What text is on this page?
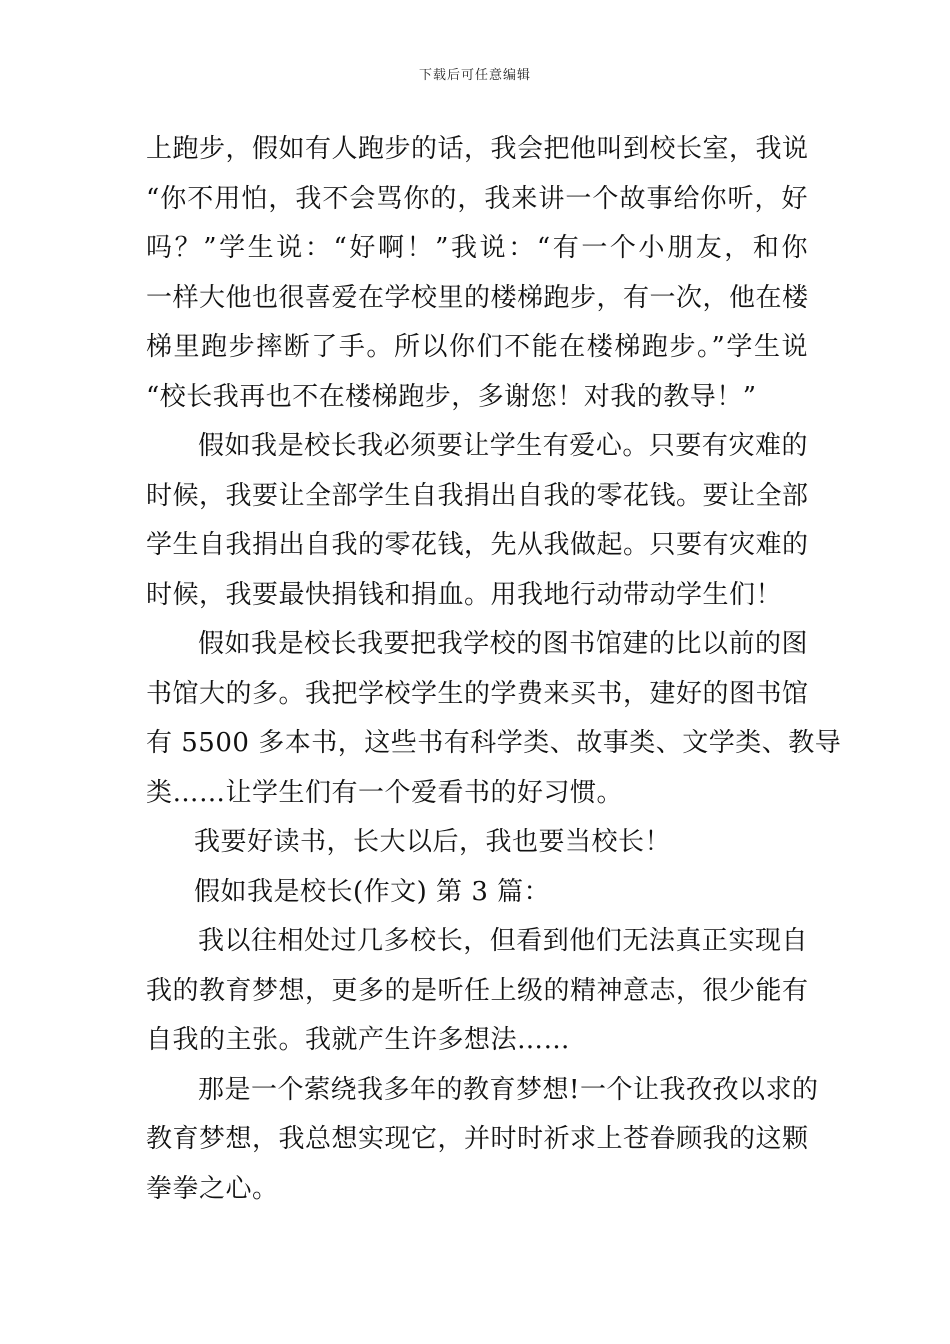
下载后可任意编辑
上跑步，假如有人跑步的话，我会把他叫到校长室，我说
“你不用怕，我不会骂你的，我来讲一个故事给你听，好
吗？”学生说：“好啊！”我说：“有一个小朋友，和你
一样大他也很喜爱在学校里的楼梯跑步，有一次，他在楼
梯里跑步摔断了手。所以你们不能在楼梯跑步。”学生说
“校长我再也不在楼梯跑步，多谢您！对我的教导！”
假如我是校长我必须要让学生有爱心。只要有灾难的
时候，我要让全部学生自我捐出自我的零花钱。要让全部
学生自我捐出自我的零花钱，先从我做起。只要有灾难的
时候，我要最快捐钱和捐血。用我地行动带动学生们！
假如我是校长我要把我学校的图书馆建的比以前的图
书馆大的多。我把学校学生的学费来买书，建好的图书馆
有 5500 多本书，这些书有科学类、故事类、文学类、教导
类……让学生们有一个爱看书的好习惯。
我要好读书，长大以后，我也要当校长！
假如我是校长(作文) 第 3 篇：
我以往相处过几多校长，但看到他们无法真正实现自
我的教育梦想，更多的是听任上级的精神意志，很少能有
自我的主张。我就产生许多想法……
那是一个萦绕我多年的教育梦想!一个让我孜孜以求的
教育梦想，我总想实现它，并时时祈求上苍眷顾我的这颗
拳拳之心。
